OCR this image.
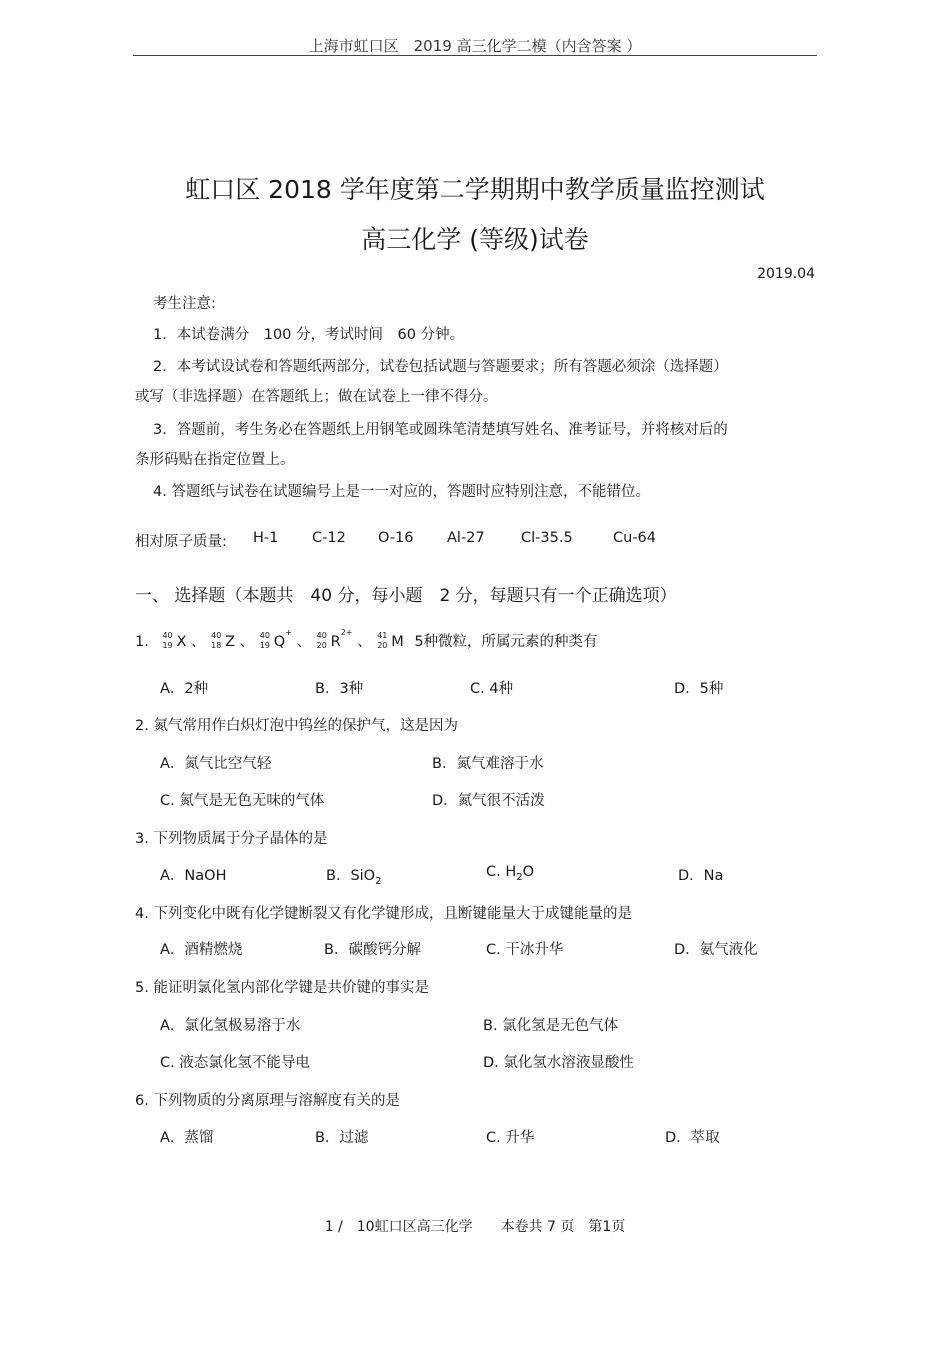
上海市虹口区　2019 高三化学二模（内含答案 ）
虹口区 2018 学年度第二学期期中教学质量监控测试
高三化学 (等级)试卷
2019.04
考生注意:
1．本试卷满分　100 分，考试时间　60 分钟。
2．本考试设试卷和答题纸两部分，试卷包括试题与答题要求；所有答题必须涂（选择题）
或写（非选择题）在答题纸上；做在试卷上一律不得分。
3．答题前，考生务必在答题纸上用钢笔或圆珠笔清楚填写姓名、准考证号，并将核对后的
条形码贴在指定位置上。
4. 答题纸与试卷在试题编号上是一一对应的，答题时应特别注意，不能错位。
相对原子质量: H-1 C-12 O-16 Al-27	Cl-35.5	Cu-64
一、 选择题（本题共　40 分，每小题　2 分，每题只有一个正确选项）
1. 40
19 X 、 40
18 Z 、 40
19 Q+ 、 40
20 $R^{2+}$ 、 41
20 M 5种微粒，所属元素的种类有
A．2种	B．3种	C. 4种	D．5种
2. 氮气常用作白炽灯泡中钨丝的保护气，这是因为
A．氮气比空气轻	B．氮气难溶于水
C. 氮气是无色无味的气体	D．氮气很不活泼
3. 下列物质属于分子晶体的是
A．NaOH	B．SiO$_2$
C. $H_2O$	D．Na
4. 下列变化中既有化学键断裂又有化学键形成，且断键能量大于成键能量的是
A．酒精燃烧	B．碳酸钙分解	C. 干冰升华	D．氨气液化
5. 能证明氯化氢内部化学键是共价键的事实是
A．氯化氢极易溶于水	B. 氯化氢是无色气体
C. 液态氯化氢不能导电	D. 氯化氢水溶液显酸性
6. 下列物质的分离原理与溶解度有关的是
A．蒸馏	B．过滤	C. 升华	D．萃取
1 /　10虹口区高三化学　　本卷共 7 页　第1页
